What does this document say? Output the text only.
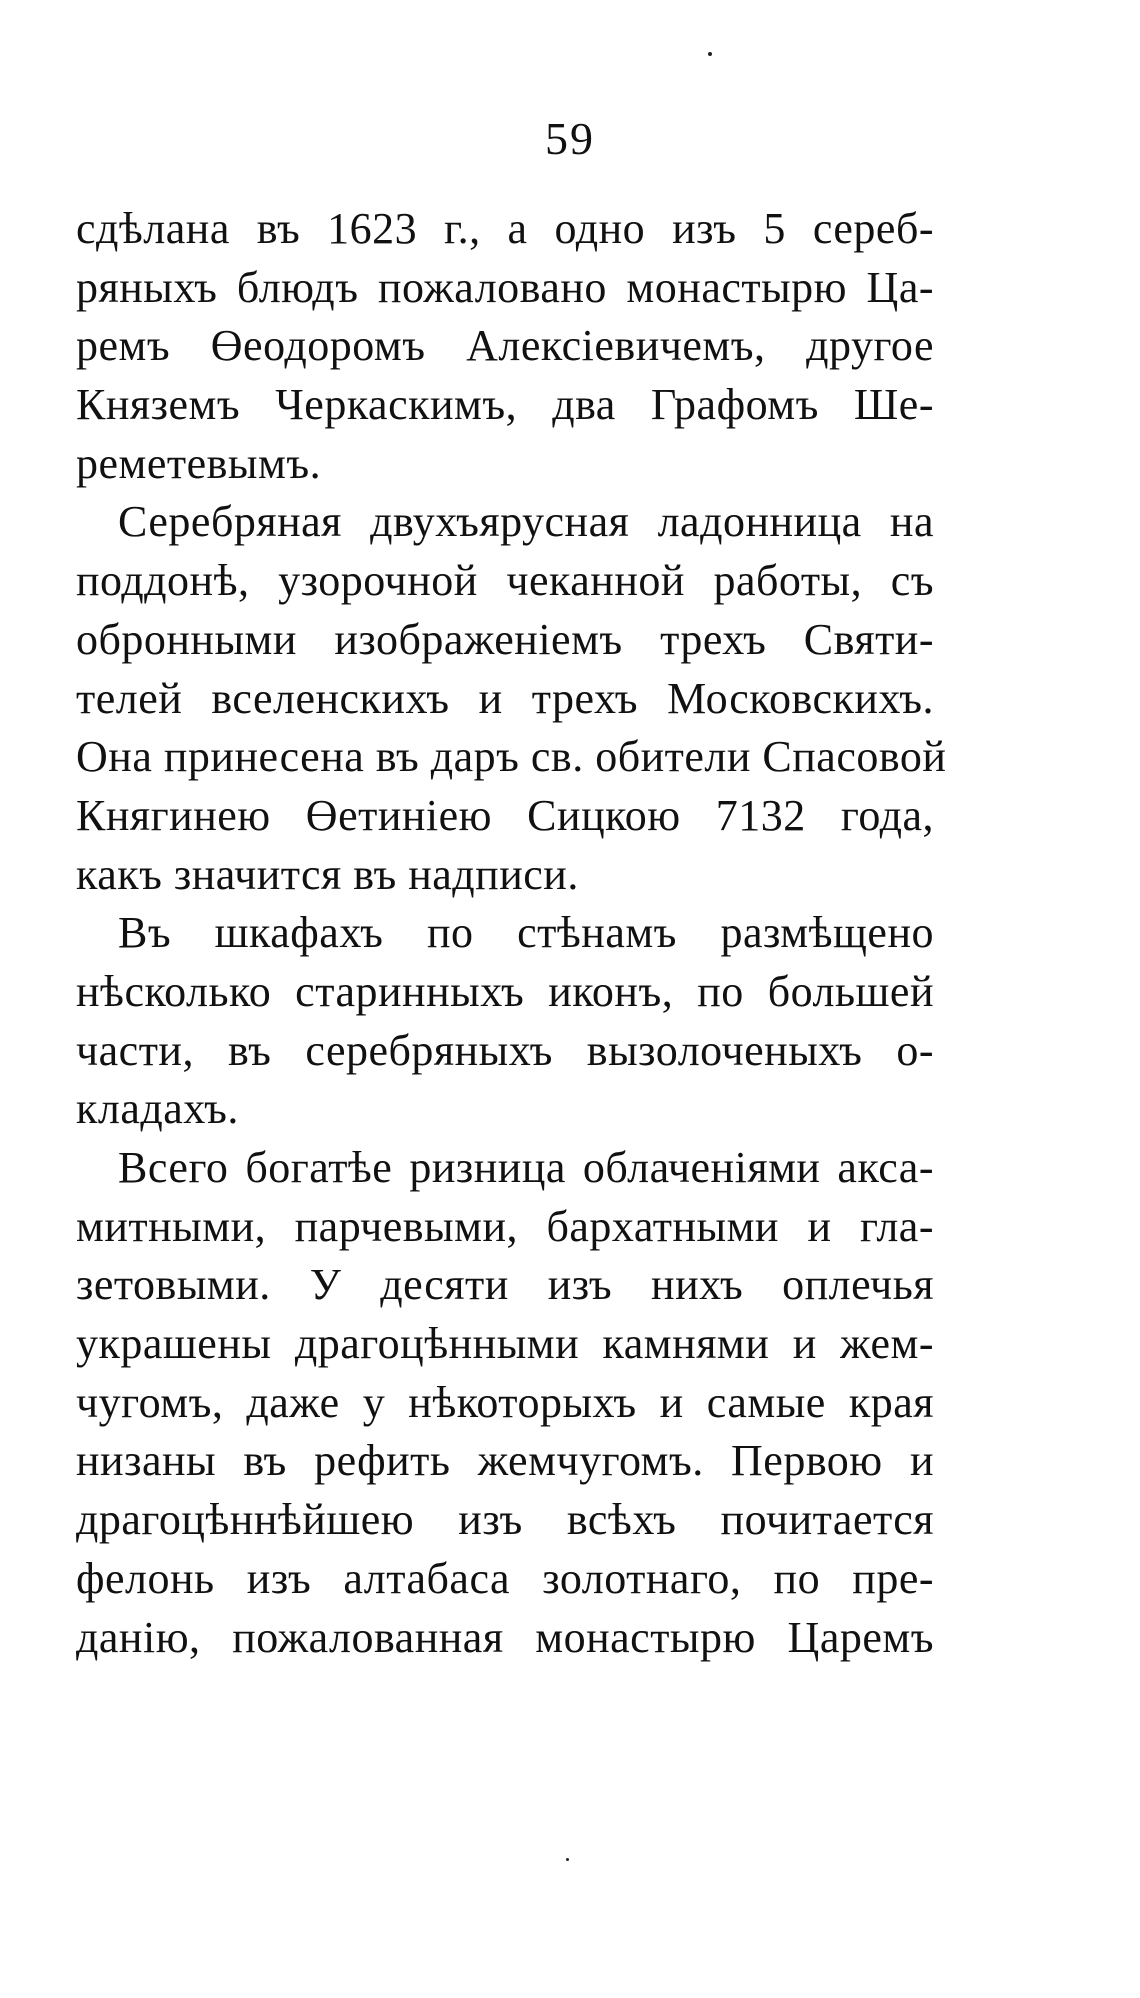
59
сдѣлана въ 1623 г., а одно изъ 5 сереб-
ряныхъ блюдъ пожаловано монастырю Ца-
ремъ Өеодоромъ Алексіевичемъ, другое
Княземъ Черкаскимъ, два Графомъ Ше-
реметевымъ.
Серебряная двухъярусная ладонница на
поддонѣ, узорочной чеканной работы, съ
обронными изображеніемъ трехъ Святи-
телей вселенскихъ и трехъ Московскихъ.
Она принесена въ даръ св. обители Спасовой
Княгинею Өетиніею Сицкою 7132 года,
какъ значится въ надписи.
Въ шкафахъ по стѣнамъ размѣщено
нѣсколько старинныхъ иконъ, по большей
части, въ серебряныхъ вызолоченыхъ о-
кладахъ.
Всего богатѣе ризница облаченіями акса-
митными, парчевыми, бархатными и гла-
зетовыми. У десяти изъ нихъ оплечья
украшены драгоцѣнными камнями и жем-
чугомъ, даже у нѣкоторыхъ и самые края
низаны въ рефить жемчугомъ. Первою и
драгоцѣннѣйшею изъ всѣхъ почитается
фелонь изъ алтабаса золотнаго, по пре-
данію, пожалованная монастырю Царемъ
